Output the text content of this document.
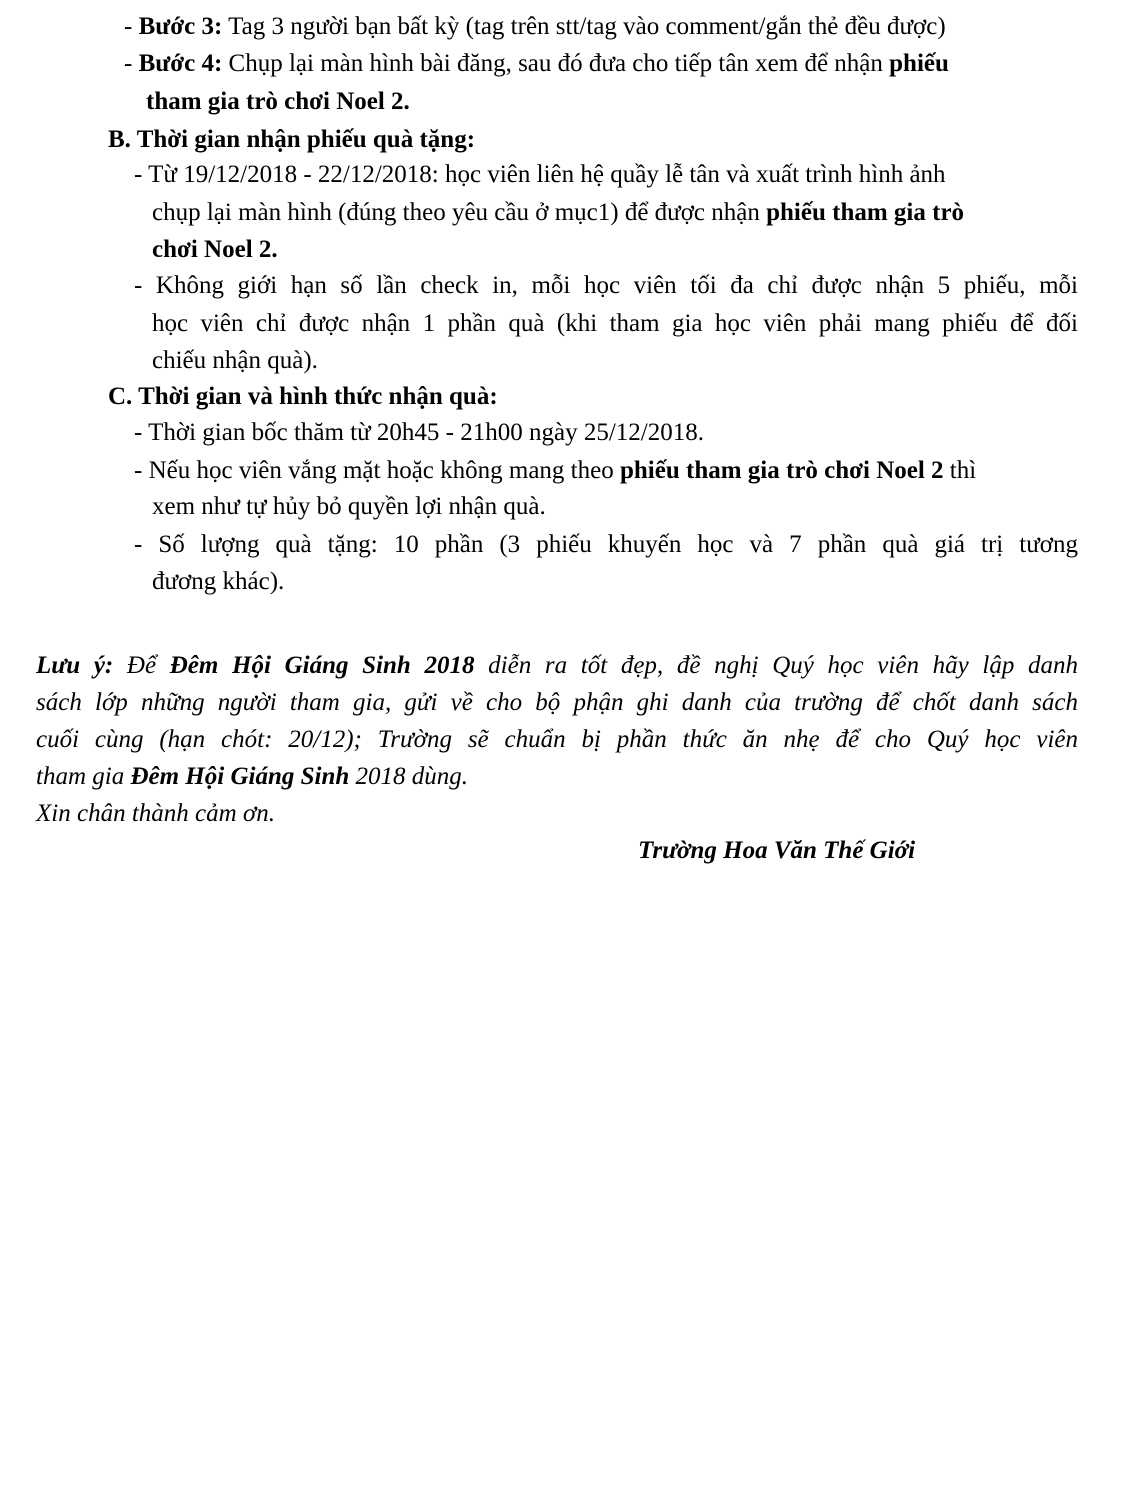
- Bước 3: Tag 3 người bạn bất kỳ (tag trên stt/tag vào comment/gắn thẻ đều được)
- Bước 4: Chụp lại màn hình bài đăng, sau đó đưa cho tiếp tân xem để nhận phiếu
tham gia trò chơi Noel 2.
B. Thời gian nhận phiếu quà tặng:
- Từ 19/12/2018 - 22/12/2018: học viên liên hệ quầy lễ tân và xuất trình hình ảnh
chụp lại màn hình (đúng theo yêu cầu ở mục1) để được nhận phiếu tham gia trò
chơi Noel 2.
- Không giới hạn số lần check in, mỗi học viên tối đa chỉ được nhận 5 phiếu, mỗi
học viên chỉ được nhận 1 phần quà (khi tham gia học viên phải mang phiếu để đối
chiếu nhận quà).
C. Thời gian và hình thức nhận quà:
- Thời gian bốc thăm từ 20h45 - 21h00 ngày 25/12/2018.
- Nếu học viên vắng mặt hoặc không mang theo phiếu tham gia trò chơi Noel 2 thì
xem như tự hủy bỏ quyền lợi nhận quà.
- Số lượng quà tặng: 10 phần (3 phiếu khuyến học và 7 phần quà giá trị tương
đương khác).
Lưu ý: Để Đêm Hội Giáng Sinh 2018 diễn ra tốt đẹp, đề nghị Quý học viên hãy lập danh
sách lớp những người tham gia, gửi về cho bộ phận ghi danh của trường để chốt danh sách
cuối cùng (hạn chót: 20/12); Trường sẽ chuẩn bị phần thức ăn nhẹ để cho Quý học viên
tham gia Đêm Hội Giáng Sinh 2018 dùng.
Xin chân thành cảm ơn.
Trường Hoa Văn Thế Giới
